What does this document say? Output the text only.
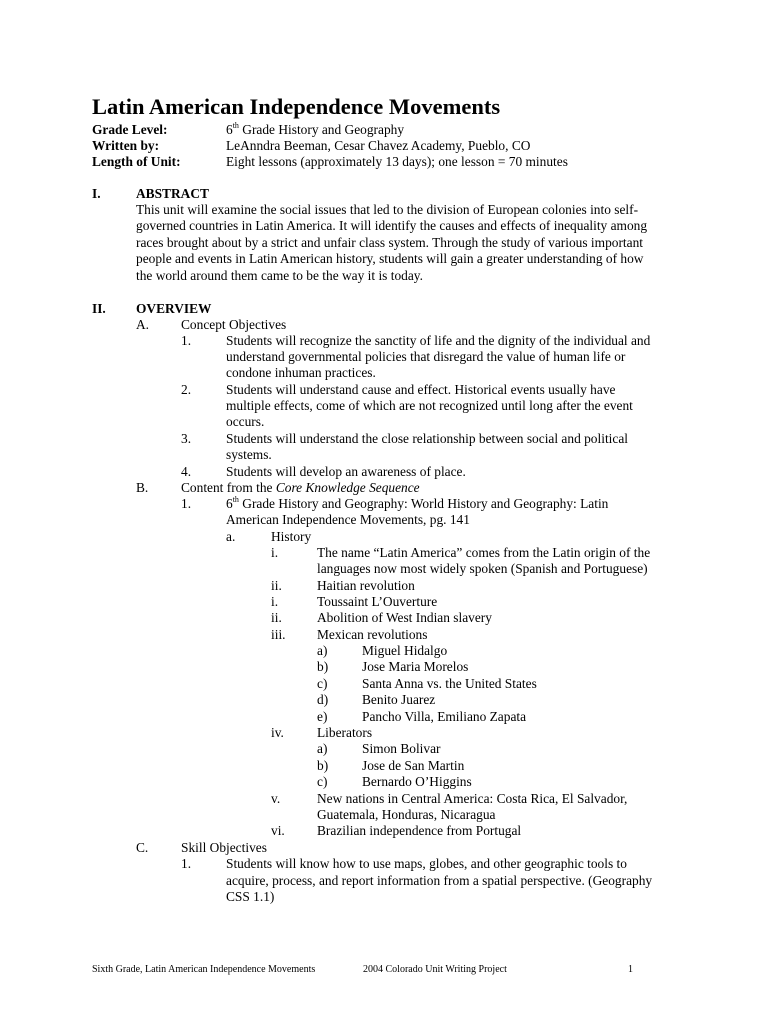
Latin American Independence Movements
Grade Level:	6th Grade History and Geography
Written by:	LeAnndra Beeman, Cesar Chavez Academy, Pueblo, CO
Length of Unit:	Eight lessons (approximately 13 days); one lesson = 70 minutes
I.	ABSTRACT
This unit will examine the social issues that led to the division of European colonies into self-
governed countries in Latin America. It will identify the causes and effects of inequality among
races brought about by a strict and unfair class system. Through the study of various important
people and events in Latin American history, students will gain a greater understanding of how
the world around them came to be the way it is today.
II. OVERVIEW
A. Concept Objectives
1.	Students will recognize the sanctity of life and the dignity of the individual and
understand governmental policies that disregard the value of human life or
condone inhuman practices.
2.	Students will understand cause and effect. Historical events usually have
multiple effects, come of which are not recognized until long after the event
occurs.
3.	Students will understand the close relationship between social and political
systems.
4.	Students will develop an awareness of place.
B. Content from the Core Knowledge Sequence
1.	6th Grade History and Geography: World History and Geography: Latin
American Independence Movements, pg. 141
a.	History
i.	The name “Latin America” comes from the Latin origin of the
languages now most widely spoken (Spanish and Portuguese)
ii.	Haitian revolution
i.	Toussaint L’Ouverture
ii.	Abolition of West Indian slavery
iii. Mexican revolutions
a)	Miguel Hidalgo
b)	Jose Maria Morelos
c)	Santa Anna vs. the United States
d)	Benito Juarez
e)	Pancho Villa, Emiliano Zapata
iv. Liberators
a)	Simon Bolivar
b)	Jose de San Martin
c)	Bernardo O’Higgins
v.	New nations in Central America: Costa Rica, El Salvador,
Guatemala, Honduras, Nicaragua
vi. Brazilian independence from Portugal
C. Skill Objectives
1.	Students will know how to use maps, globes, and other geographic tools to
acquire, process, and report information from a spatial perspective. (Geography
CSS 1.1)
Sixth Grade, Latin American Independence Movements	2004 Colorado Unit Writing Project	1
